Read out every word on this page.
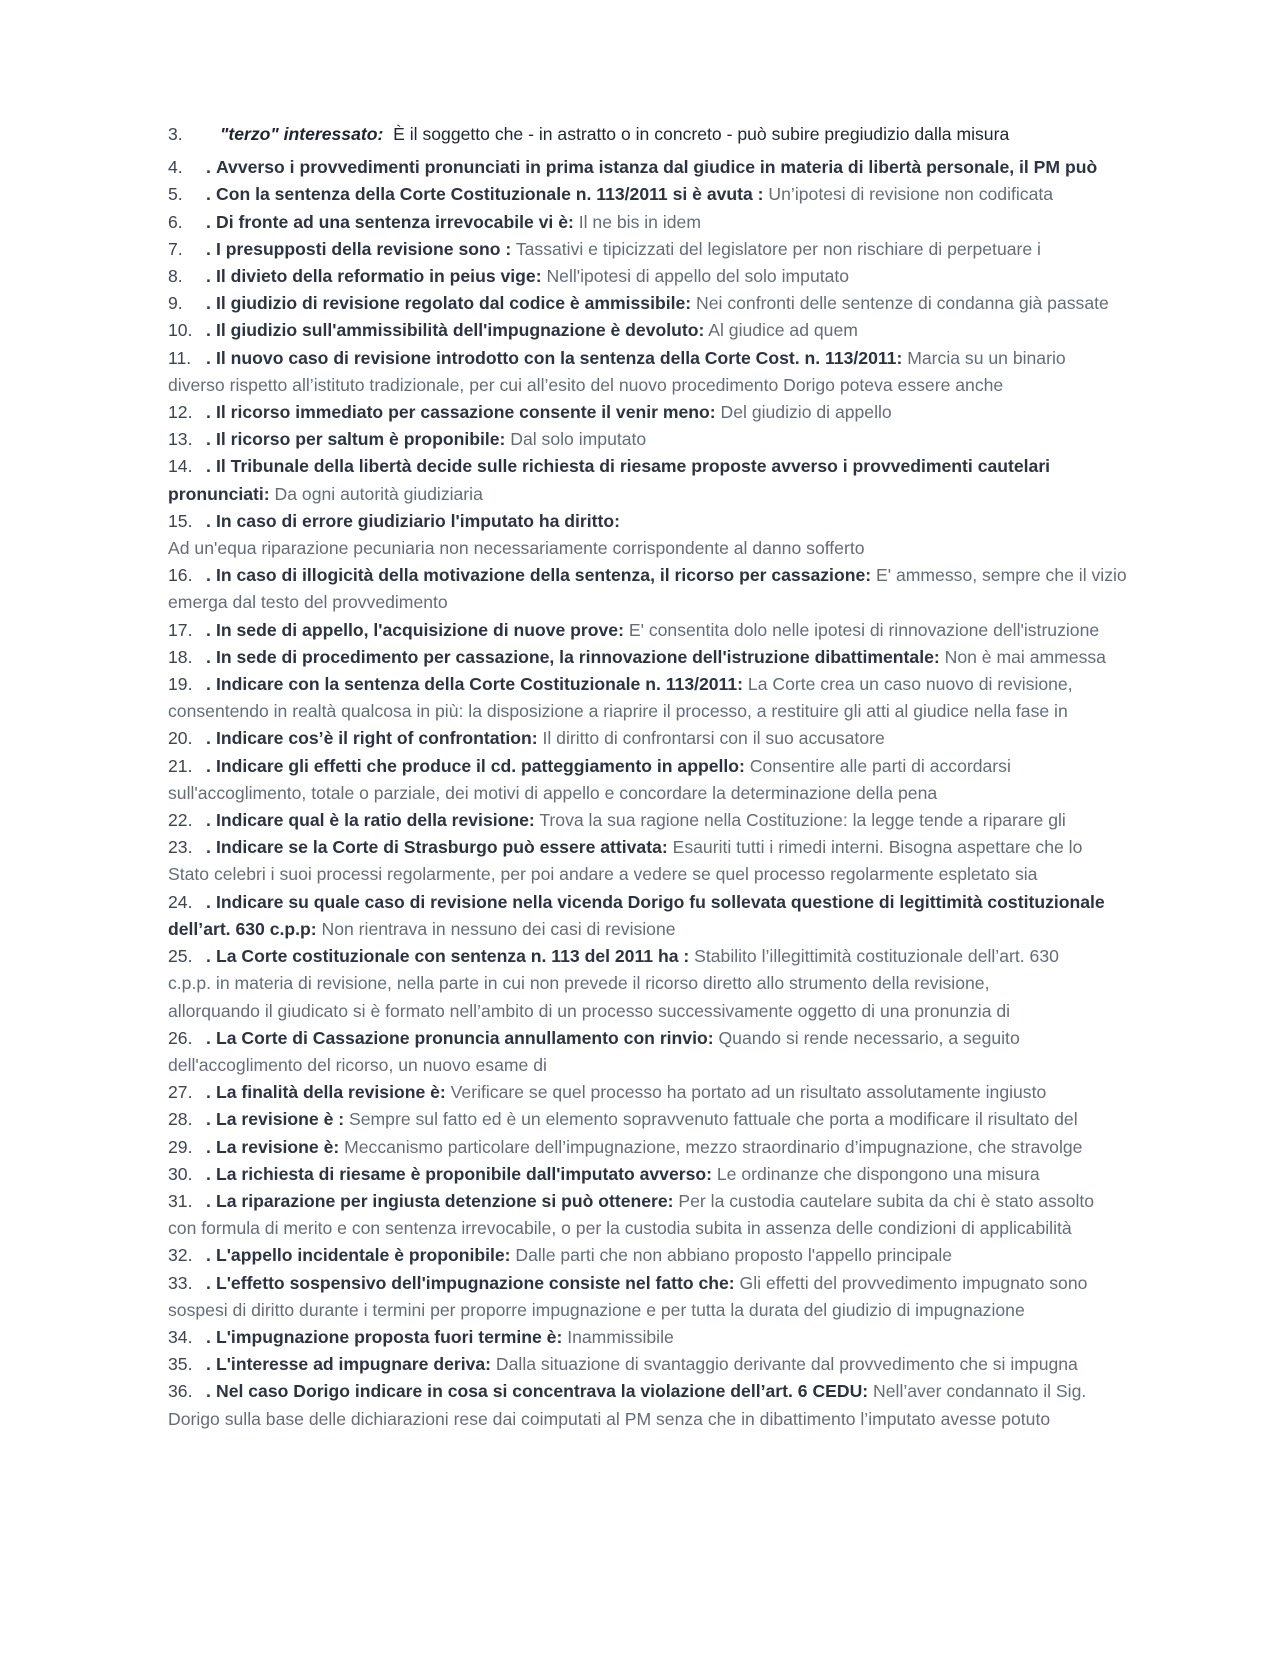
3. "terzo" interessato:  È il soggetto che - in astratto o in concreto - può subire pregiudizio dalla misura
4. . Avverso i provvedimenti pronunciati in prima istanza dal giudice in materia di libertà personale, il PM può
5. . Con la sentenza della Corte Costituzionale n. 113/2011 si è avuta : Un’ipotesi di revisione non codificata
6. . Di fronte ad una sentenza irrevocabile vi è: Il ne bis in idem
7. . I presupposti della revisione sono : Tassativi e tipicizzati del legislatore per non rischiare di perpetuare i
8. . Il divieto della reformatio in peius vige: Nell'ipotesi di appello del solo imputato
9. . Il giudizio di revisione regolato dal codice è ammissibile: Nei confronti delle sentenze di condanna già passate
10. . Il giudizio sull'ammissibilità dell'impugnazione è devoluto: Al giudice ad quem
11. . Il nuovo caso di revisione introdotto con la sentenza della Corte Cost. n. 113/2011: Marcia su un binario
diverso rispetto all’istituto tradizionale, per cui all’esito del nuovo procedimento Dorigo poteva essere anche
12. . Il ricorso immediato per cassazione consente il venir meno: Del giudizio di appello
13. . Il ricorso per saltum è proponibile: Dal solo imputato
14. . Il Tribunale della libertà decide sulle richiesta di riesame proposte avverso i provvedimenti cautelari
pronunciati: Da ogni autorità giudiziaria
15. . In caso di errore giudiziario l'imputato ha diritto:
Ad un'equa riparazione pecuniaria non necessariamente corrispondente al danno sofferto
16. . In caso di illogicità della motivazione della sentenza, il ricorso per cassazione: E' ammesso, sempre che il vizio
emerga dal testo del provvedimento
17. . In sede di appello, l'acquisizione di nuove prove: E' consentita dolo nelle ipotesi di rinnovazione dell'istruzione
18. . In sede di procedimento per cassazione, la rinnovazione dell'istruzione dibattimentale: Non è mai ammessa
19. . Indicare con la sentenza della Corte Costituzionale n. 113/2011: La Corte crea un caso nuovo di revisione,
consentendo in realtà qualcosa in più: la disposizione a riaprire il processo, a restituire gli atti al giudice nella fase in
20. . Indicare cos’è il right of confrontation: Il diritto di confrontarsi con il suo accusatore
21. . Indicare gli effetti che produce il cd. patteggiamento in appello: Consentire alle parti di accordarsi
sull'accoglimento, totale o parziale, dei motivi di appello e concordare la determinazione della pena
22. . Indicare qual è la ratio della revisione: Trova la sua ragione nella Costituzione: la legge tende a riparare gli
23. . Indicare se la Corte di Strasburgo può essere attivata: Esauriti tutti i rimedi interni. Bisogna aspettare che lo
Stato celebri i suoi processi regolarmente, per poi andare a vedere se quel processo regolarmente espletato sia
24. . Indicare su quale caso di revisione nella vicenda Dorigo fu sollevata questione di legittimità costituzionale
dell’art. 630 c.p.p: Non rientrava in nessuno dei casi di revisione
25. . La Corte costituzionale con sentenza n. 113 del 2011 ha : Stabilito l’illegittimità costituzionale dell’art. 630
c.p.p. in materia di revisione, nella parte in cui non prevede il ricorso diretto allo strumento della revisione,
allorquando il giudicato si è formato nell’ambito di un processo successivamente oggetto di una pronunzia di
26. . La Corte di Cassazione pronuncia annullamento con rinvio: Quando si rende necessario, a seguito
dell'accoglimento del ricorso, un nuovo esame di
27. . La finalità della revisione è: Verificare se quel processo ha portato ad un risultato assolutamente ingiusto
28. . La revisione è : Sempre sul fatto ed è un elemento sopravvenuto fattuale che porta a modificare il risultato del
29. . La revisione è: Meccanismo particolare dell’impugnazione, mezzo straordinario d’impugnazione, che stravolge
30. . La richiesta di riesame è proponibile dall'imputato avverso: Le ordinanze che dispongono una misura
31. . La riparazione per ingiusta detenzione si può ottenere: Per la custodia cautelare subita da chi è stato assolto
con formula di merito e con sentenza irrevocabile, o per la custodia subita in assenza delle condizioni di applicabilità
32. . L'appello incidentale è proponibile: Dalle parti che non abbiano proposto l'appello principale
33. . L'effetto sospensivo dell'impugnazione consiste nel fatto che: Gli effetti del provvedimento impugnato sono
sospesi di diritto durante i termini per proporre impugnazione e per tutta la durata del giudizio di impugnazione
34. . L'impugnazione proposta fuori termine è: Inammissibile
35. . L'interesse ad impugnare deriva: Dalla situazione di svantaggio derivante dal provvedimento che si impugna
36. . Nel caso Dorigo indicare in cosa si concentrava la violazione dell’art. 6 CEDU: Nell’aver condannato il Sig.
Dorigo sulla base delle dichiarazioni rese dai coimputati al PM senza che in dibattimento l’imputato avesse potuto
